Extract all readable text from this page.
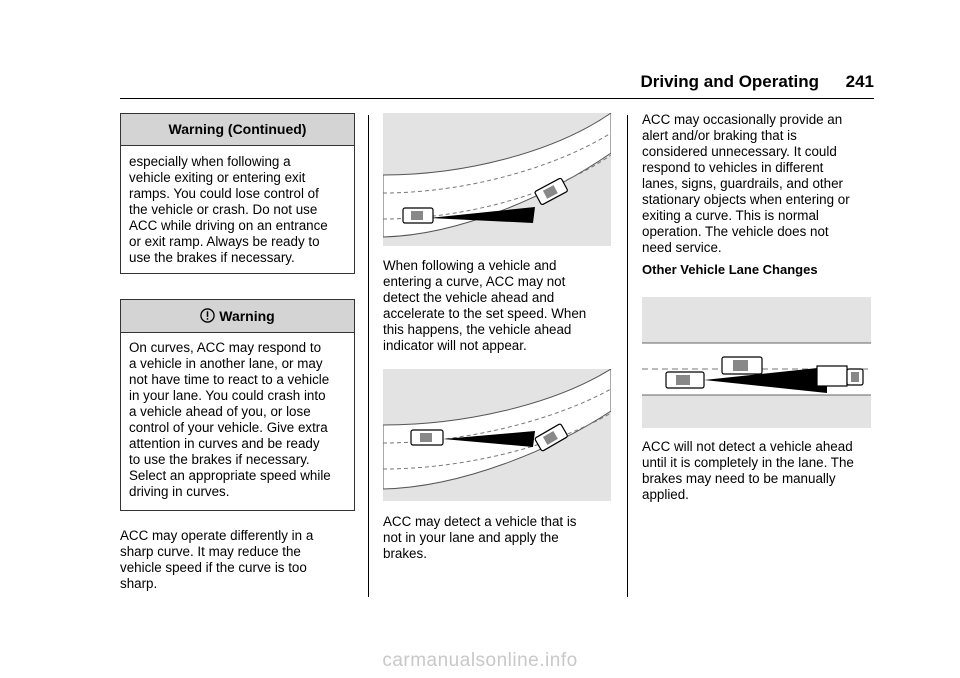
Driving and Operating 241
Warning (Continued)
especially when following a
vehicle exiting or entering exit
ramps. You could lose control of
the vehicle or crash. Do not use
ACC while driving on an entrance
or exit ramp. Always be ready to
use the brakes if necessary.
Warning
On curves, ACC may respond to
a vehicle in another lane, or may
not have time to react to a vehicle
in your lane. You could crash into
a vehicle ahead of you, or lose
control of your vehicle. Give extra
attention in curves and be ready
to use the brakes if necessary.
Select an appropriate speed while
driving in curves.
ACC may operate differently in a
sharp curve. It may reduce the
vehicle speed if the curve is too
sharp.
When following a vehicle and
entering a curve, ACC may not
detect the vehicle ahead and
accelerate to the set speed. When
this happens, the vehicle ahead
indicator will not appear.
ACC may detect a vehicle that is
not in your lane and apply the
brakes.
ACC may occasionally provide an
alert and/or braking that is
considered unnecessary. It could
respond to vehicles in different
lanes, signs, guardrails, and other
stationary objects when entering or
exiting a curve. This is normal
operation. The vehicle does not
need service.
Other Vehicle Lane Changes
ACC will not detect a vehicle ahead
until it is completely in the lane. The
brakes may need to be manually
applied.
carmanualsonline.info
